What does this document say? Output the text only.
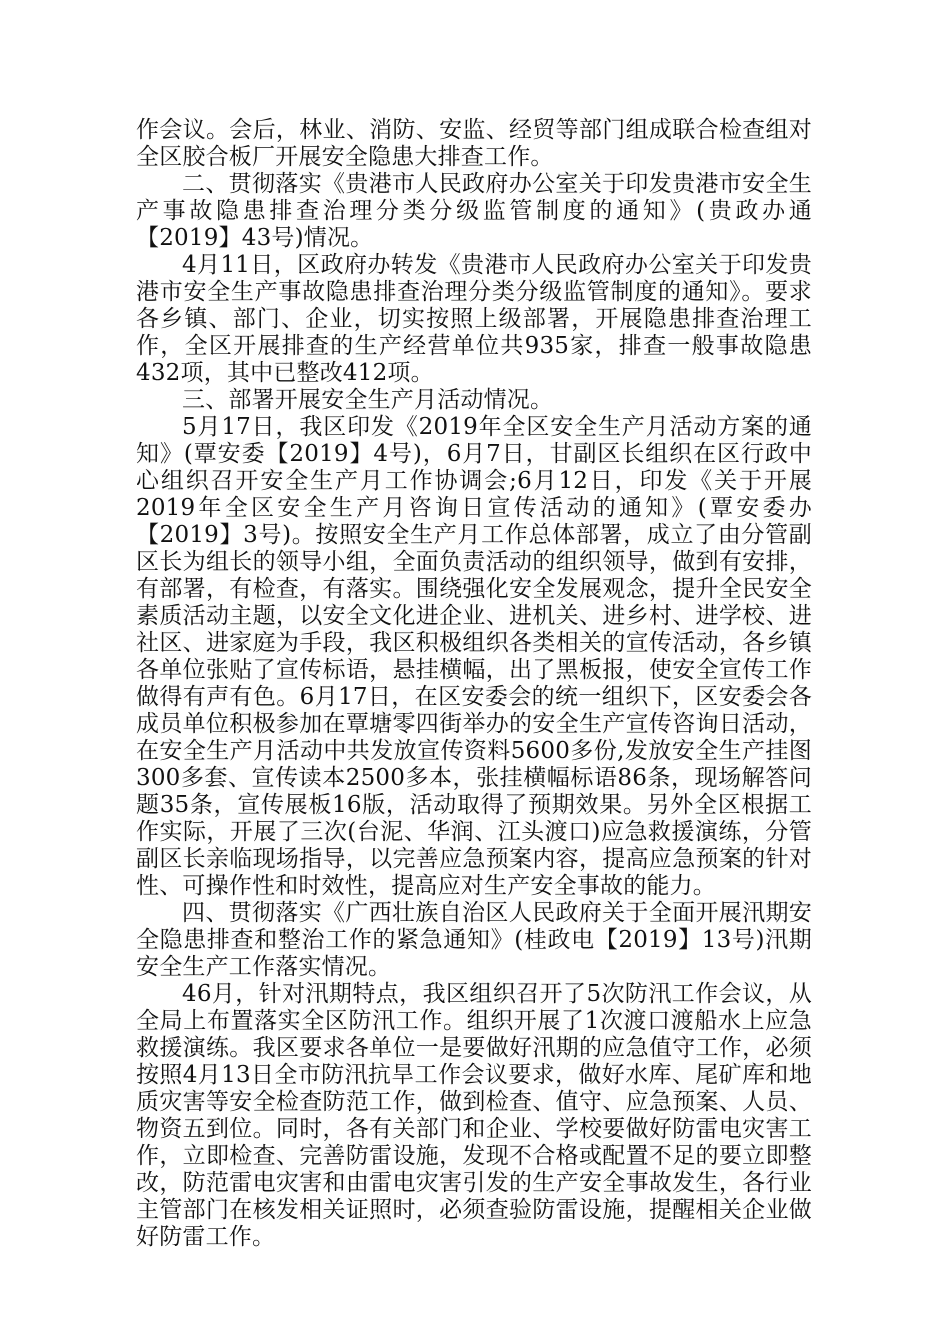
作会议。会后，林业、消防、安监、经贸等部门组成联合检查组对全区胶合板厂开展安全隐患大排查工作。

二、贯彻落实《贵港市人民政府办公室关于印发贵港市安全生产事故隐患排查治理分类分级监管制度的通知》(贵政办通【2019】43号)情况。

4月11日，区政府办转发《贵港市人民政府办公室关于印发贵港市安全生产事故隐患排查治理分类分级监管制度的通知》。要求各乡镇、部门、企业，切实按照上级部署，开展隐患排查治理工作，全区开展排查的生产经营单位共935家，排查一般事故隐患432项，其中已整改412项。

三、部署开展安全生产月活动情况。

5月17日，我区印发《2019年全区安全生产月活动方案的通知》(覃安委【2019】4号)，6月7日，甘副区长组织在区行政中心组织召开安全生产月工作协调会;6月12日，印发《关于开展2019年全区安全生产月咨询日宣传活动的通知》(覃安委办【2019】3号)。按照安全生产月工作总体部署，成立了由分管副区长为组长的领导小组，全面负责活动的组织领导，做到有安排，有部署，有检查，有落实。围绕强化安全发展观念，提升全民安全素质活动主题，以安全文化进企业、进机关、进乡村、进学校、进社区、进家庭为手段，我区积极组织各类相关的宣传活动，各乡镇各单位张贴了宣传标语，悬挂横幅，出了黑板报，使安全宣传工作做得有声有色。6月17日，在区安委会的统一组织下，区安委会各成员单位积极参加在覃塘零四街举办的安全生产宣传咨询日活动，在安全生产月活动中共发放宣传资料5600多份,发放安全生产挂图300多套、宣传读本2500多本，张挂横幅标语86条，现场解答问题35条，宣传展板16版，活动取得了预期效果。另外全区根据工作实际，开展了三次(台泥、华润、江头渡口)应急救援演练，分管副区长亲临现场指导，以完善应急预案内容，提高应急预案的针对性、可操作性和时效性，提高应对生产安全事故的能力。

四、贯彻落实《广西壮族自治区人民政府关于全面开展汛期安全隐患排查和整治工作的紧急通知》(桂政电【2019】13号)汛期安全生产工作落实情况。

46月，针对汛期特点，我区组织召开了5次防汛工作会议，从全局上布置落实全区防汛工作。组织开展了1次渡口渡船水上应急救援演练。我区要求各单位一是要做好汛期的应急值守工作，必须按照4月13日全市防汛抗旱工作会议要求，做好水库、尾矿库和地质灾害等安全检查防范工作，做到检查、值守、应急预案、人员、物资五到位。同时，各有关部门和企业、学校要做好防雷电灾害工作，立即检查、完善防雷设施，发现不合格或配置不足的要立即整改，防范雷电灾害和由雷电灾害引发的生产安全事故发生，各行业主管部门在核发相关证照时，必须查验防雷设施，提醒相关企业做好防雷工作。
